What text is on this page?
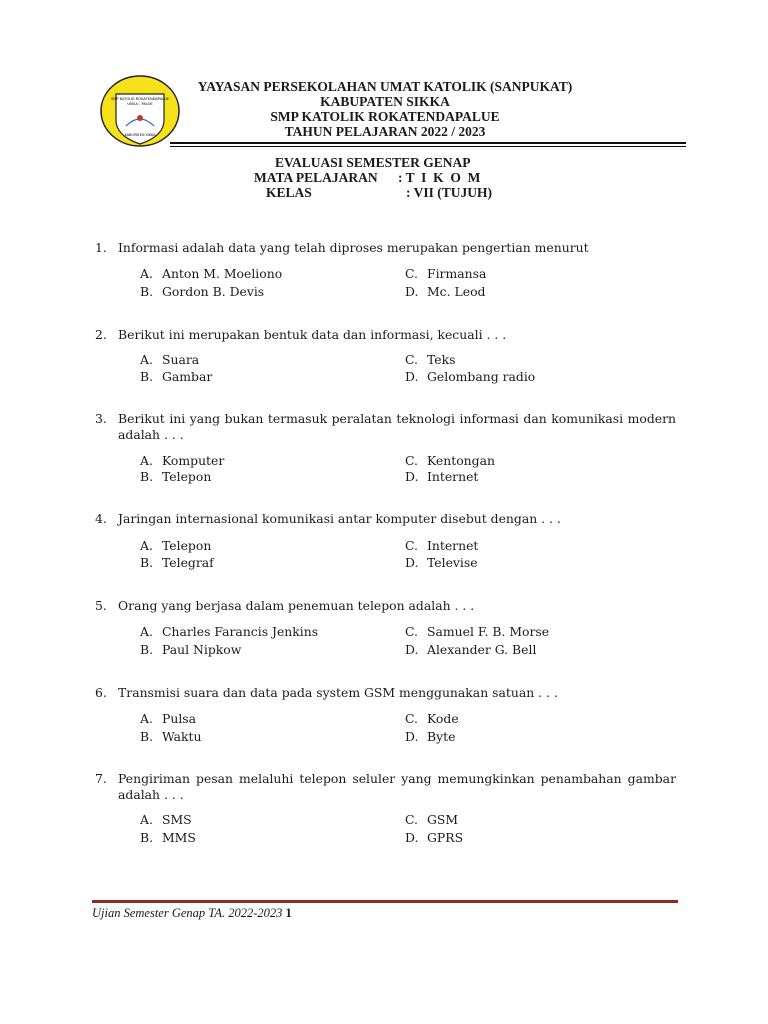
SMP KATOLIK ROKATENDAPALUE
UNGA - PALUE
KABUPATEN SIKKA
YAYASAN PERSEKOLAHAN UMAT KATOLIK (SANPUKAT)
KABUPATEN SIKKA
SMP KATOLIK ROKATENDAPALUE
TAHUN PELAJARAN 2022 / 2023
EVALUASI SEMESTER GENAP
MATA PELAJARAN : T  I  K  O  M
KELAS	: VII (TUJUH)
1. Informasi adalah data yang telah diproses merupakan pengertian menurut
A. Anton M. Moeliono
B. Gordon B. Devis
C. Firmansa
D. Mc. Leod
2. Berikut ini merupakan bentuk data dan informasi, kecuali . . .
A. Suara
B. Gambar
C. Teks
D. Gelombang radio
3. Berikut ini yang bukan termasuk peralatan teknologi informasi dan komunikasi modern adalah . . .
A. Komputer
B. Telepon
C. Kentongan
D. Internet
4. Jaringan internasional komunikasi antar komputer disebut dengan . . .
A. Telepon
B. Telegraf
C. Internet
D. Televise
5. Orang yang berjasa dalam penemuan telepon adalah . . .
A. Charles Farancis Jenkins
B. Paul Nipkow
C. Samuel F. B. Morse
D. Alexander G. Bell
6. Transmisi suara dan data pada system GSM menggunakan satuan . . .
A. Pulsa
B. Waktu
C. Kode
D. Byte
7. Pengiriman pesan melaluhi telepon seluler yang memungkinkan penambahan gambar adalah . . .
A. SMS
B. MMS
C. GSM
D. GPRS
Ujian Semester Genap TA. 2022-2023 1
